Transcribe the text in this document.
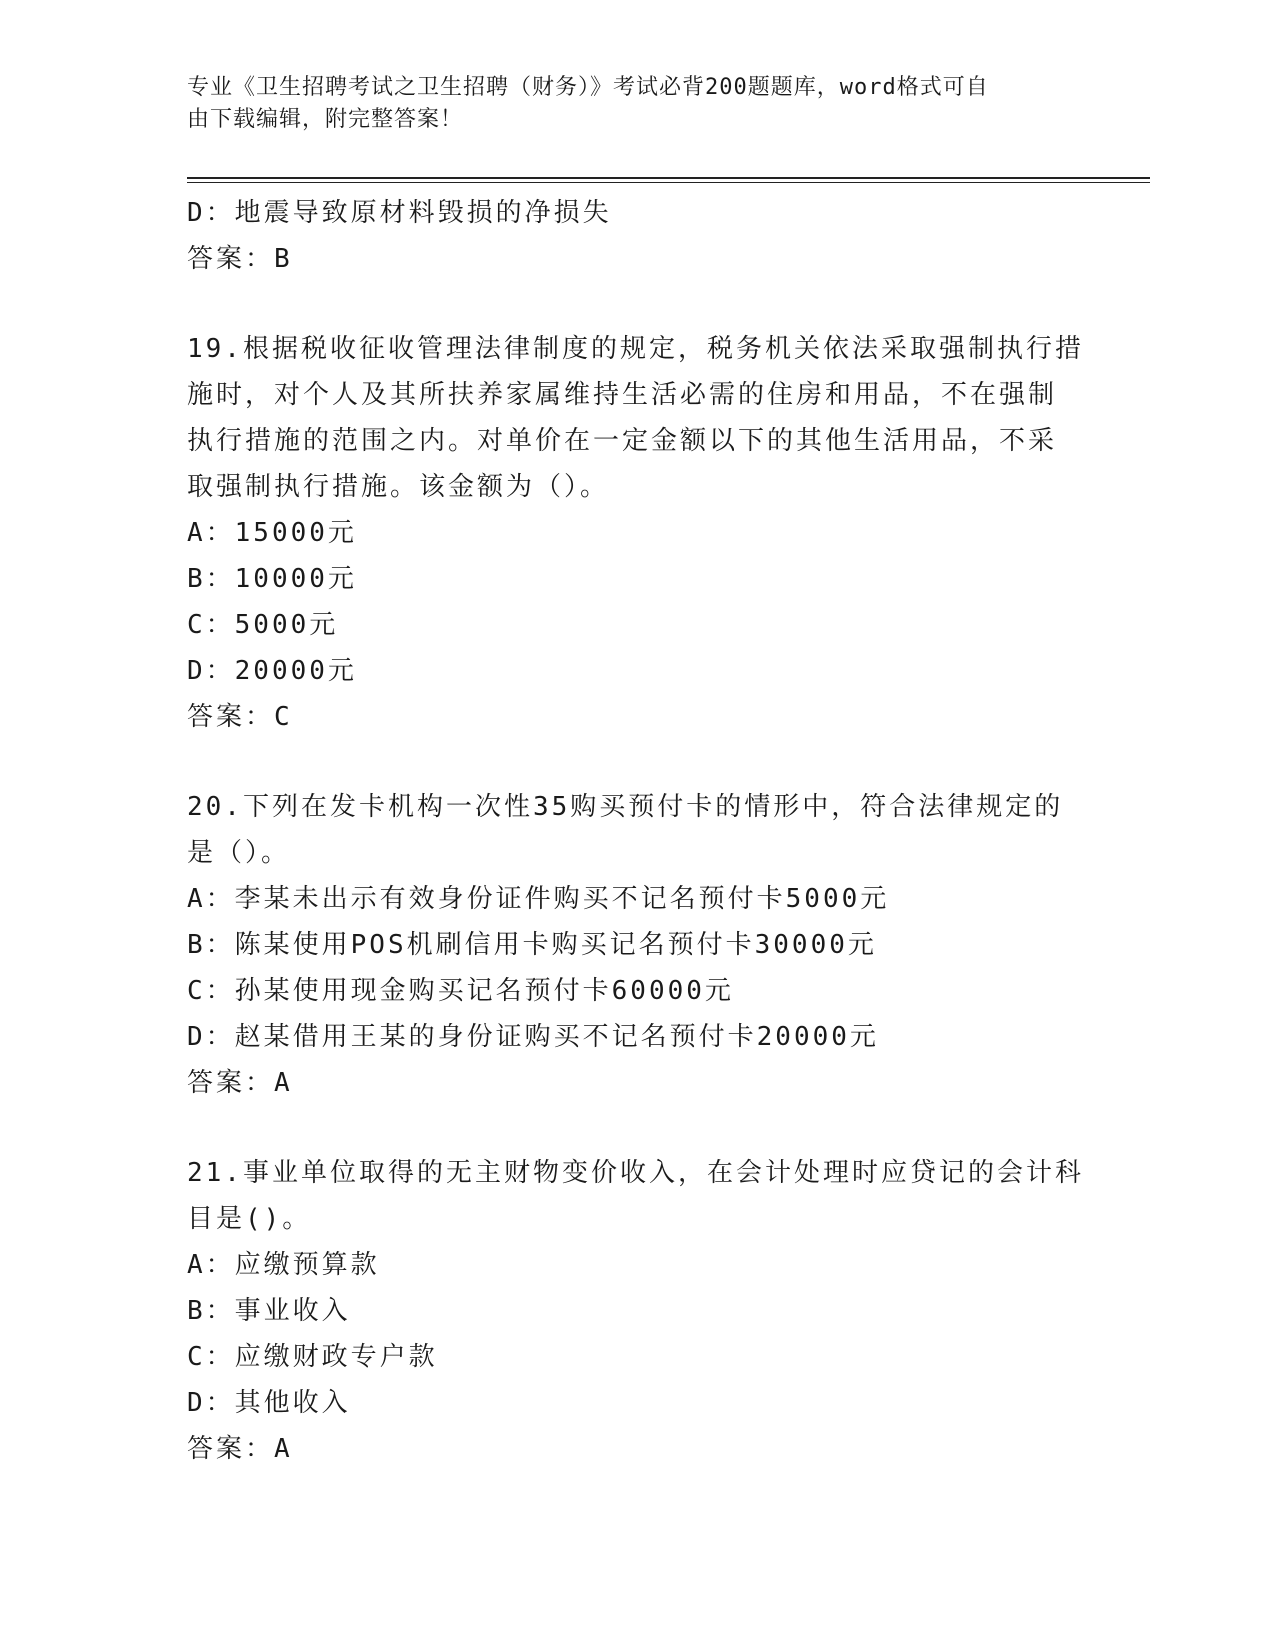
专业《卫生招聘考试之卫生招聘（财务）》考试必背200题题库，word格式可自
由下载编辑，附完整答案！
D：地震导致原材料毁损的净损失
答案：B
19.根据税收征收管理法律制度的规定，税务机关依法采取强制执行措
施时，对个人及其所扶养家属维持生活必需的住房和用品，不在强制
执行措施的范围之内。对单价在一定金额以下的其他生活用品，不采
取强制执行措施。该金额为（）。
A：15000元
B：10000元
C：5000元
D：20000元
答案：C
20.下列在发卡机构一次性35购买预付卡的情形中，符合法律规定的
是（）。
A：李某未出示有效身份证件购买不记名预付卡5000元
B：陈某使用POS机刷信用卡购买记名预付卡30000元
C：孙某使用现金购买记名预付卡60000元
D：赵某借用王某的身份证购买不记名预付卡20000元
答案：A
21.事业单位取得的无主财物变价收入，在会计处理时应贷记的会计科
目是()。
A：应缴预算款
B：事业收入
C：应缴财政专户款
D：其他收入
答案：A
